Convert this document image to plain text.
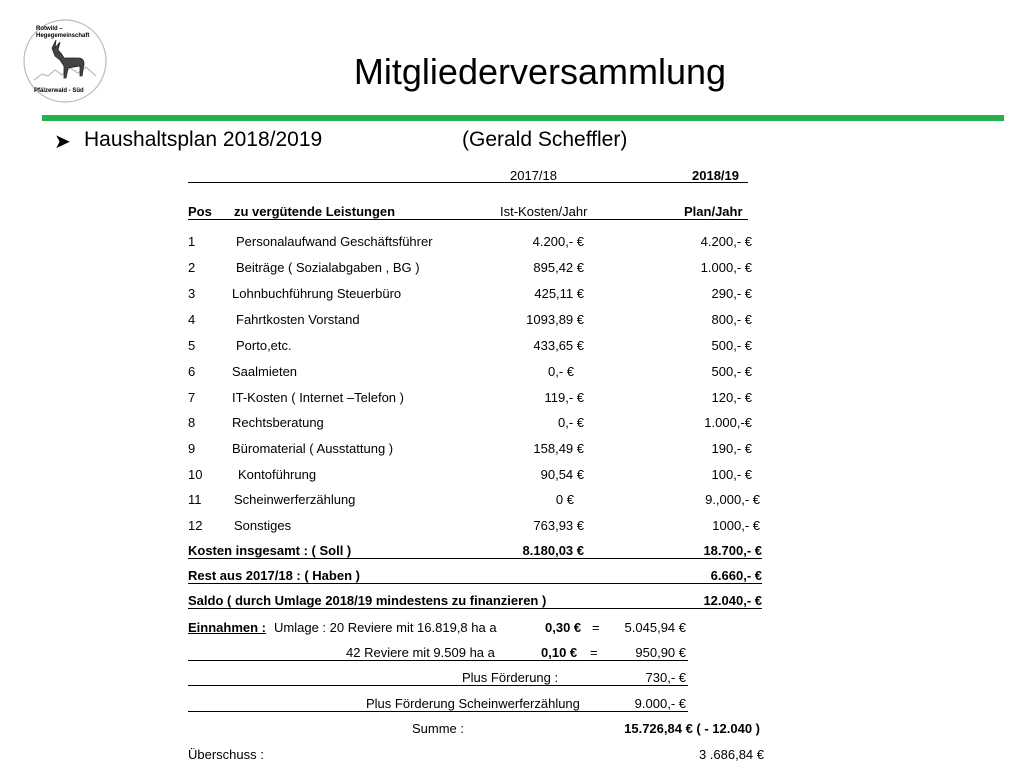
Rotwild –
Hegegemeinschaft
Pfälzerwald - Süd	Mitgliederversammlung
➤ Haushaltsplan 2018/2019	(Gerald Scheffler)
2017/18	2018/19
Pos zu vergütende Leistungen	Ist-Kosten/Jahr	Plan/Jahr
1	Personalaufwand Geschäftsführer	4.200,- €	4.200,- €
2	Beiträge ( Sozialabgaben , BG )	895,42 €	1.000,- €
3	Lohnbuchführung Steuerbüro	425,11 €	290,- €
4	Fahrtkosten Vorstand	1093,89 €	800,- €
5	Porto,etc.	433,65 €	500,- €
6	Saalmieten	0,- €	500,- €
7	IT-Kosten ( Internet –Telefon )	119,- €	120,- €
8	Rechtsberatung	0,- €	1.000,-€
9	Büromaterial ( Ausstattung )	158,49 €	190,- €
10	Kontoführung	90,54 €	100,- €
11	Scheinwerferzählung	0 €	9.,000,- €
12 Sonstiges	763,93 €	1000,- €
Kosten insgesamt : ( Soll )	8.180,03 €	18.700,- €
Rest aus 2017/18 : ( Haben )	6.660,- €
Saldo ( durch Umlage 2018/19 mindestens zu finanzieren )	12.040,- €
Einnahmen : Umlage : 20 Reviere mit 16.819,8 ha a	0,30 € =	5.045,94 €
42 Reviere mit 9.509 ha a	0,10 € =	950,90 €
Plus Förderung :	730,- €
Plus Förderung Scheinwerferzählung	9.000,- €
Summe :	15.726,84 € ( - 12.040 )
Überschuss :	3 .686,84 €
